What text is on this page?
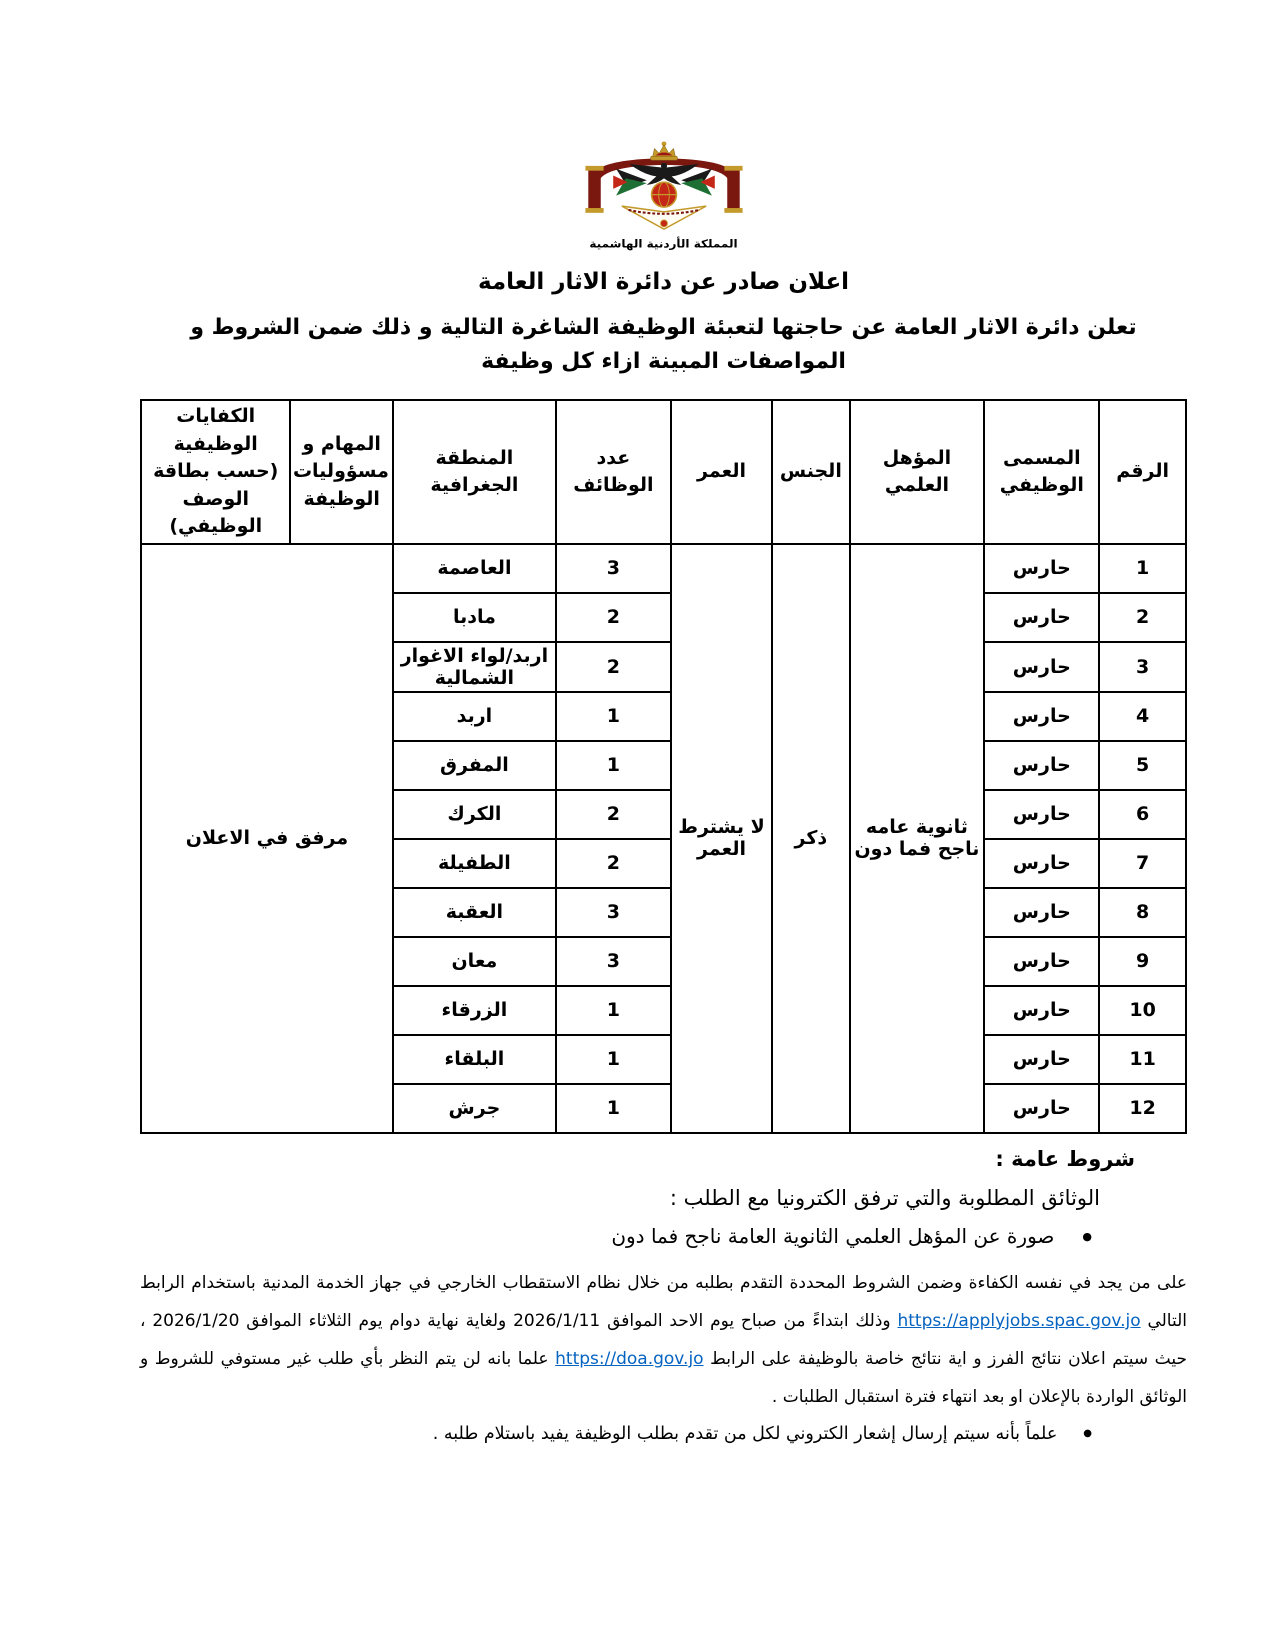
المملكة الأردنية الهاشمية
اعلان صادر عن دائرة الاثار العامة
تعلن دائرة الاثار العامة عن حاجتها لتعبئة الوظيفة الشاغرة التالية و ذلك ضمن الشروط و المواصفات المبينة ازاء كل وظيفة
الرقم	المسمى الوظيفي	المؤهل العلمي	الجنس	العمر	عدد الوظائف	المنطقة الجغرافية	المهام و مسؤوليات الوظيفة	الكفايات الوظيفية (حسب بطاقة الوصف الوظيفي)
1	حارس	ثانوية عامه ناجح فما دون	ذكر	لا يشترط العمر	3	العاصمة	مرفق في الاعلان	
2	حارس				2	مادبا		
3	حارس				2	اربد/لواء الاغوار الشمالية		
4	حارس				1	اربد		
5	حارس				1	المفرق		
6	حارس				2	الكرك		
7	حارس				2	الطفيلة		
8	حارس				3	العقبة		
9	حارس				3	معان		
10	حارس				1	الزرقاء		
11	حارس				1	البلقاء		
12	حارس				1	جرش		

شروط عامة :

الوثائق المطلوبة والتي ترفق الكترونيا مع الطلب :

● صورة عن المؤهل العلمي الثانوية العامة ناجح فما دون

على من يجد في نفسه الكفاءة وضمن الشروط المحددة التقدم بطلبه من خلال نظام الاستقطاب الخارجي في جهاز الخدمة المدنية باستخدام الرابط التالي https://applyjobs.spac.gov.jo وذلك ابتداءً من صباح يوم الاحد الموافق 2026/1/11 ولغاية نهاية دوام يوم الثلاثاء الموافق 2026/1/20 ، حيث سيتم اعلان نتائج الفرز و اية نتائج خاصة بالوظيفة على الرابط https://doa.gov.jo علما بانه لن يتم النظر بأي طلب غير مستوفي للشروط و الوثائق الواردة بالإعلان او بعد انتهاء فترة استقبال الطلبات .

● علماً بأنه سيتم إرسال إشعار الكتروني لكل من تقدم بطلب الوظيفة يفيد باستلام طلبه .
